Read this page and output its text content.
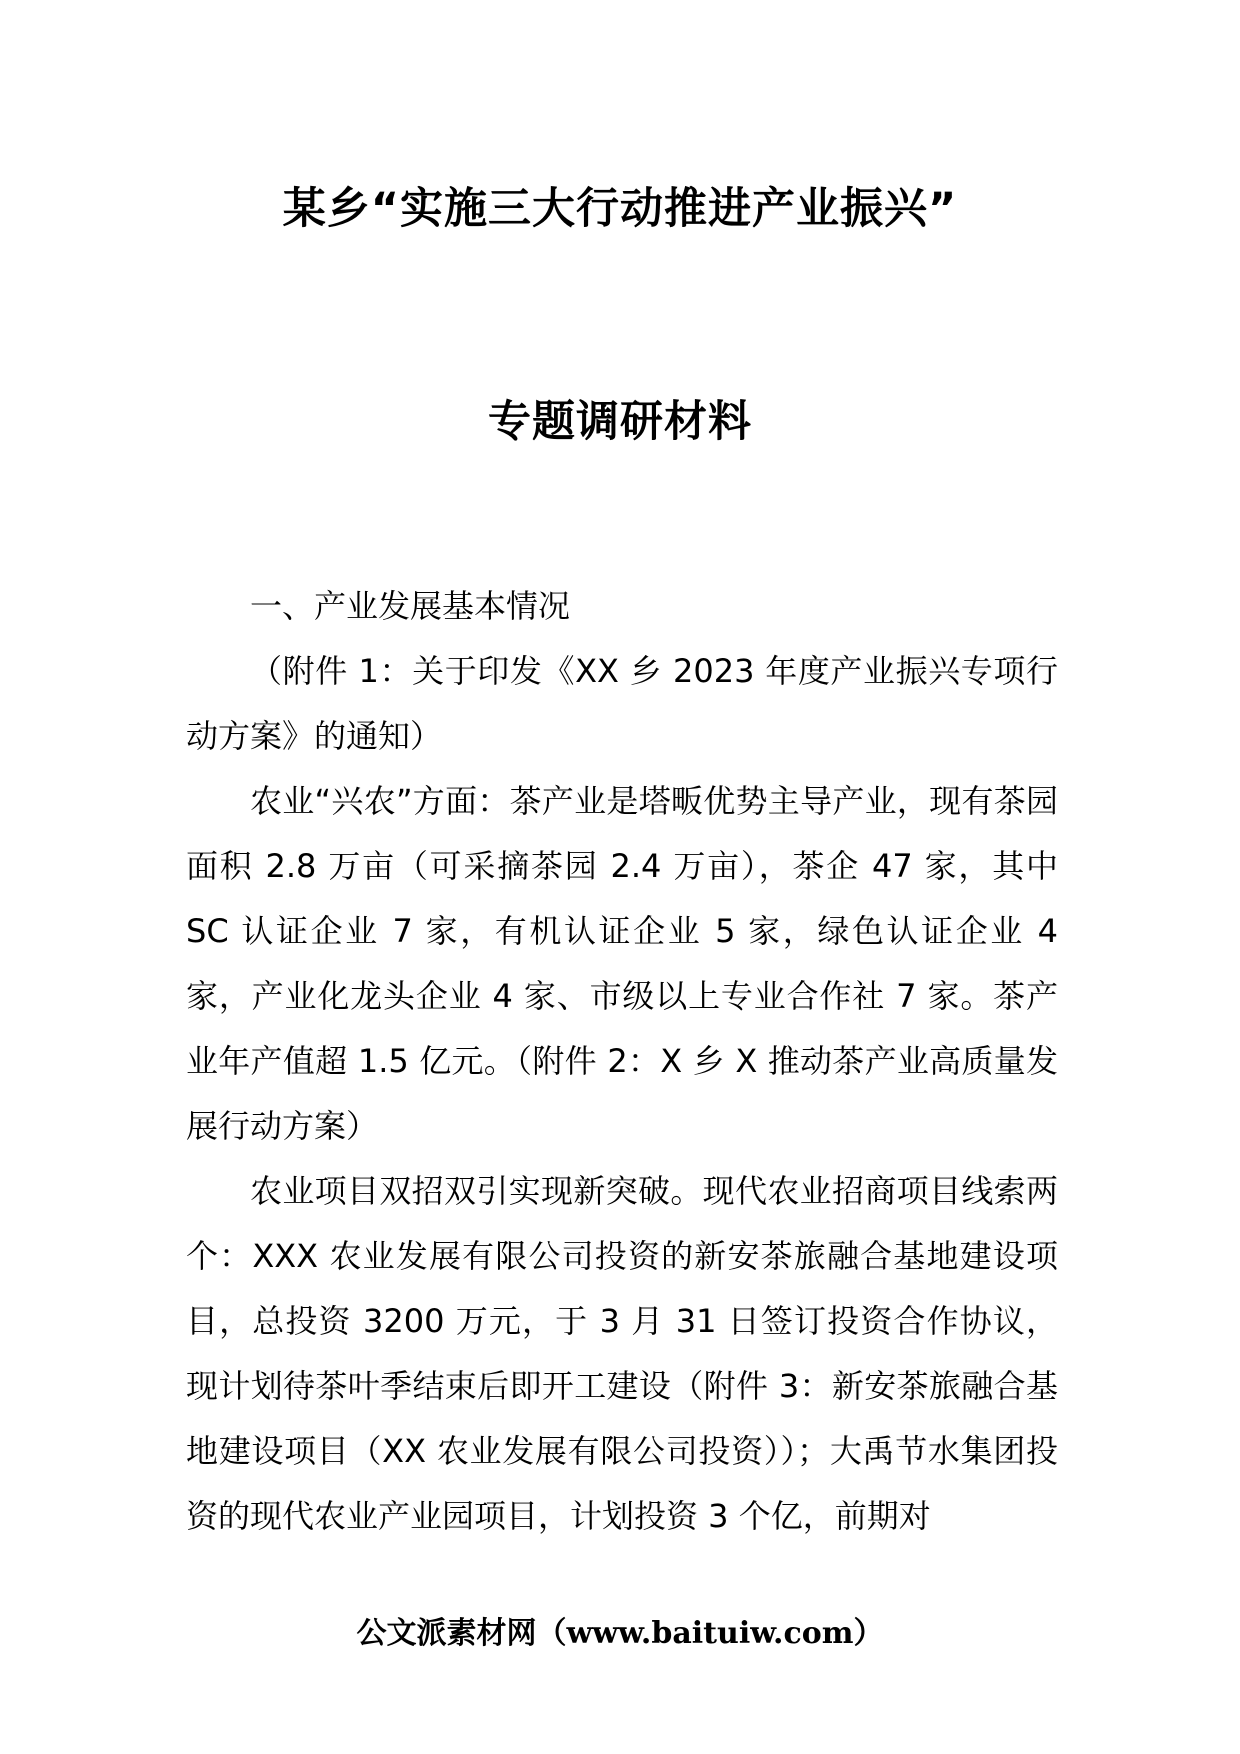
某乡“实施三大行动推进产业振兴”
专题调研材料

一、产业发展基本情况

（附件 1：关于印发《XX 乡 2023 年度产业振兴专项行动方案》的通知）

农业“兴农”方面：茶产业是塔畈优势主导产业，现有茶园面积 2.8 万亩（可采摘茶园 2.4 万亩），茶企 47 家，其中 SC 认证企业 7 家，有机认证企业 5 家，绿色认证企业 4 家，产业化龙头企业 4 家、市级以上专业合作社 7 家。茶产业年产值超 1.5 亿元。（附件 2：X 乡 X 推动茶产业高质量发展行动方案）

农业项目双招双引实现新突破。现代农业招商项目线索两个：XXX 农业发展有限公司投资的新安茶旅融合基地建设项目，总投资 3200 万元，于 3 月 31 日签订投资合作协议，现计划待茶叶季结束后即开工建设（附件 3：新安茶旅融合基地建设项目（XX 农业发展有限公司投资））；大禹节水集团投资的现代农业产业园项目，计划投资 3 个亿，前期对

公文派素材网（www.baituiw.com）
